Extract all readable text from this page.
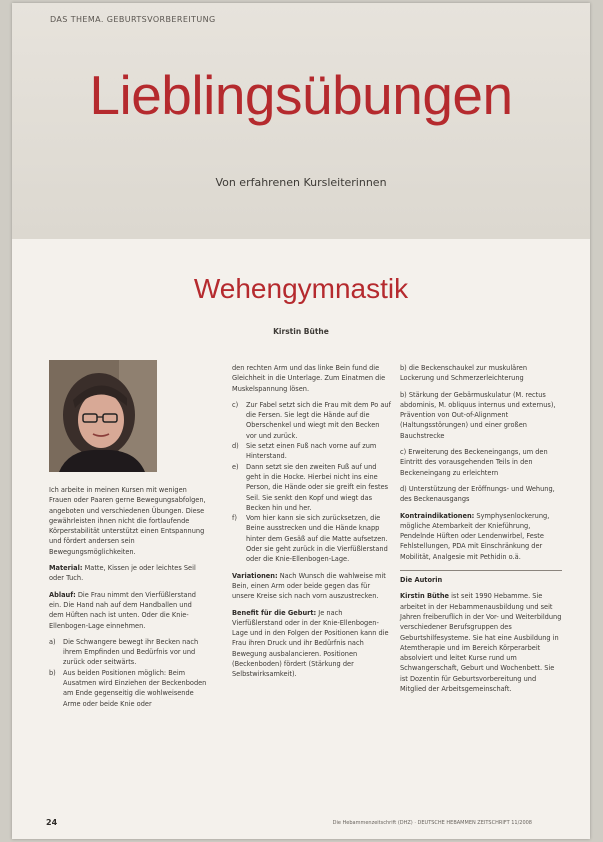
DAS THEMA. GEBURTSVORBEREITUNG
Lieblingsübungen
Von erfahrenen Kursleiterinnen
Wehengymnastik
Kirstin Büthe

Ich arbeite in meinen Kursen mit wenigen Frauen oder Paaren gerne Bewegungsabfolgen, angeboten und verschiedenen Übungen. Diese gewährleisten ihnen nicht die fortlaufende Körperstabilität unterstützt einen Entspannung und fördert andersen sein Bewegungsmöglichkeiten.

Material: Matte, Kissen je oder leichtes Seil oder Tuch.

Ablauf: Die Frau nimmt den Vierfüßlerstand ein. Die Hand nah auf dem Handballen und dem Hüften nach ist unten. Oder die Knie-Ellenbogen-Lage einnehmen.

a)	Die Schwangere bewegt ihr Becken nach ihrem Empfinden und Bedürfnis vor und zurück oder seitwärts.
b)	Aus beiden Positionen möglich: Beim Ausatmen wird Einziehen der Beckenboden am Ende gegenseitig die wohlweisende Arme oder beide Knie oder

den rechten Arm und das linke Bein fund die Gleichheit in die Unterlage. Zum Einatmen die Muskelspannung lösen.

c)	Zur Fabel setzt sich die Frau mit dem Po auf die Fersen. Sie legt die Hände auf die Oberschenkel und wiegt mit den Becken vor und zurück.
d)	Sie setzt einen Fuß nach vorne auf zum Hinterstand.
e)	Dann setzt sie den zweiten Fuß auf und geht in die Hocke. Hierbei nicht ins eine Person, die Hände oder sie greift ein festes Seil. Sie senkt den Kopf und wiegt das Becken hin und her.
f)	Vom hier kann sie sich zurücksetzen, die Beine ausstrecken und die Hände knapp hinter dem Gesäß auf die Matte aufsetzen. Oder sie geht zurück in die Vierfüßlerstand oder die Knie-Ellenbogen-Lage.

Variationen: Nach Wunsch die wahlweise mit Bein, einen Arm oder beide gegen das für unsere Kreise sich nach vorn auszustrecken.

Benefit für die Geburt: Je nach Vierfüßlerstand oder in der Knie-Ellenbogen-Lage und in den Folgen der Positionen kann die Frau ihren Druck und ihr Bedürfnis nach Bewegung ausbalancieren. Positionen (Beckenboden) fördert (Stärkung der Selbstwirksamkeit).

b) die Beckenschaukel zur muskulären Lockerung und Schmerzerleichterung

b) Stärkung der Gebärmuskulatur (M. rectus abdominis, M. obliquus internus und externus), Prävention von Out-of-Alignment (Haltungsstörungen) und einer großen Bauchstrecke

c) Erweiterung des Beckeneingangs, um den Eintritt des vorausgehenden Teils in den Beckeneingang zu erleichtern

d) Unterstützung der Eröffnungs- und Wehung, des Beckenausgangs

Kontraindikationen: Symphysenlockerung, mögliche Atembarkeit der Knieführung, Pendelnde Hüften oder Lendenwirbel, Feste Fehlstellungen, PDA mit Einschränkung der Mobilität, Analgesie mit Pethidin o.ä.

Die Autorin

Kirstin Büthe ist seit 1990 Hebamme. Sie arbeitet in der Hebammenausbildung und seit Jahren freiberuflich in der Vor- und Weiterbildung verschiedener Berufsgruppen des Geburtshilfesysteme. Sie hat eine Ausbildung in Atemtherapie und im Bereich Körperarbeit absolviert und leitet Kurse rund um Schwangerschaft, Geburt und Wochenbett. Sie ist Dozentin für Geburtsvorbereitung und Mitglied der Arbeitsgemeinschaft.

24	Die Hebammenzeitschrift (DHZ) · DEUTSCHE HEBAMMEN ZEITSCHRIFT 11/2008
